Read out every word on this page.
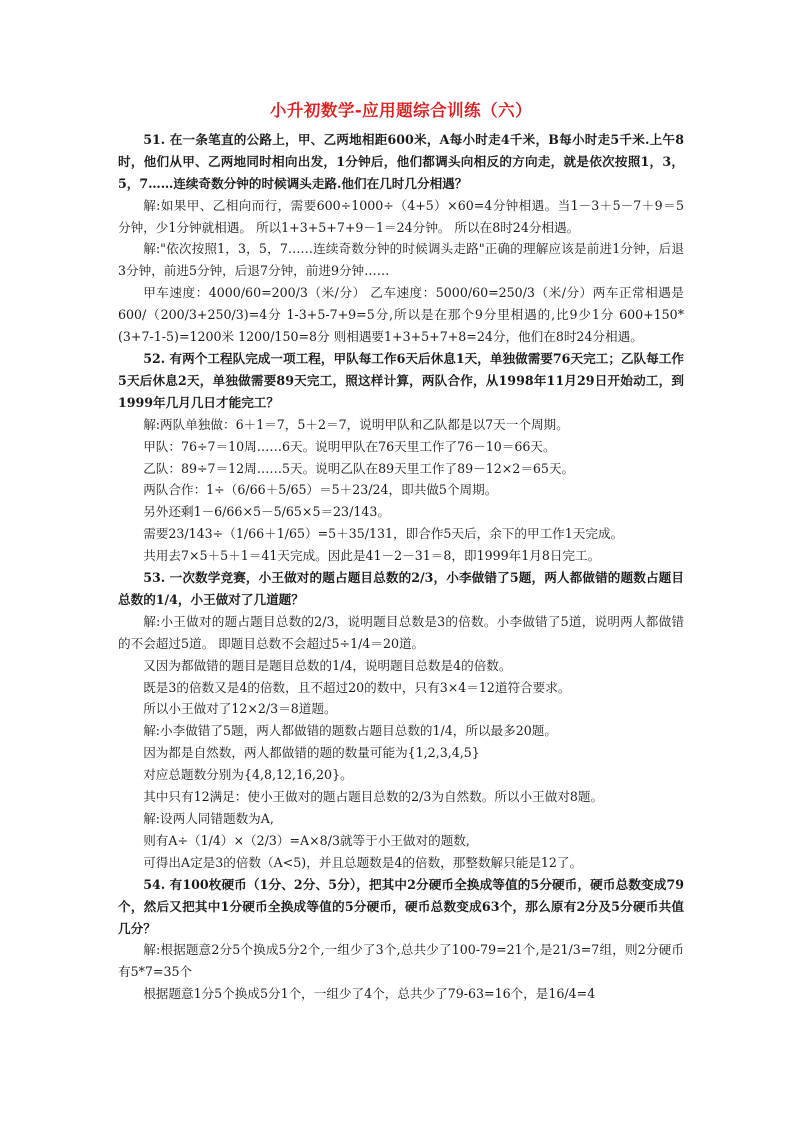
小升初数学-应用题综合训练（六）
51. 在一条笔直的公路上，甲、乙两地相距600米，A每小时走4千米，B每小时走5千米.上午8时，他们从甲、乙两地同时相向出发，1分钟后，他们都调头向相反的方向走，就是依次按照1，3，5，7……连续奇数分钟的时候调头走路.他们在几时几分相遇？
解:如果甲、乙相向而行，需要600÷1000÷（4+5）×60=4分钟相遇。当1－3＋5－7＋9＝5分钟，少1分钟就相遇。 所以1+3+5+7+9－1＝24分钟。 所以在8时24分相遇。
解:"依次按照1，3，5，7……连续奇数分钟的时候调头走路"正确的理解应该是前进1分钟，后退3分钟，前进5分钟，后退7分钟，前进9分钟……
甲车速度：4000/60=200/3（米/分） 乙车速度：5000/60=250/3（米/分）两车正常相遇是600/（200/3+250/3)=4分 1-3+5-7+9=5分,所以是在那个9分里相遇的,比9少1分 600+150*(3+7-1-5)=1200米 1200/150=8分 则相遇要1+3+5+7+8=24分，他们在8时24分相遇。
52. 有两个工程队完成一项工程，甲队每工作6天后休息1天，单独做需要76天完工；乙队每工作5天后休息2天，单独做需要89天完工，照这样计算，两队合作，从1998年11月29日开始动工，到1999年几月几日才能完工？
解:两队单独做：6＋1＝7，5＋2＝7，说明甲队和乙队都是以7天一个周期。
甲队：76÷7＝10周……6天。说明甲队在76天里工作了76－10＝66天。
乙队：89÷7＝12周……5天。说明乙队在89天里工作了89－12×2＝65天。
两队合作：1÷（6/66＋5/65）＝5＋23/24，即共做5个周期。
另外还剩1－6/66×5－5/65×5＝23/143。
需要23/143÷（1/66＋1/65）=5＋35/131，即合作5天后，余下的甲工作1天完成。
共用去7×5＋5＋1＝41天完成。因此是41－2－31＝8，即1999年1月8日完工。
53. 一次数学竞赛，小王做对的题占题目总数的2/3，小李做错了5题，两人都做错的题数占题目总数的1/4，小王做对了几道题？
解:小王做对的题占题目总数的2/3，说明题目总数是3的倍数。小李做错了5道，说明两人都做错的不会超过5道。 即题目总数不会超过5÷1/4＝20道。
又因为都做错的题目是题目总数的1/4，说明题目总数是4的倍数。
既是3的倍数又是4的倍数，且不超过20的数中，只有3×4＝12道符合要求。
所以小王做对了12×2/3＝8道题。
解:小李做错了5题，两人都做错的题数占题目总数的1/4，所以最多20题。
因为都是自然数，两人都做错的题的数量可能为{1,2,3,4,5}
对应总题数分别为{4,8,12,16,20}。
其中只有12满足：使小王做对的题占题目总数的2/3为自然数。所以小王做对8题。
解:设两人同错题数为A,
则有A÷（1/4）×（2/3）=A×8/3就等于小王做对的题数,
可得出A定是3的倍数（A<5)，并且总题数是4的倍数，那整数解只能是12了。
54. 有100枚硬币（1分、2分、5分），把其中2分硬币全换成等值的5分硬币，硬币总数变成79个，然后又把其中1分硬币全换成等值的5分硬币，硬币总数变成63个，那么原有2分及5分硬币共值几分？
解:根据题意2分5个换成5分2个,一组少了3个,总共少了100-79=21个,是21/3=7组，则2分硬币有5*7=35个
根据题意1分5个换成5分1个，一组少了4个，总共少了79-63=16个，是16/4=4
